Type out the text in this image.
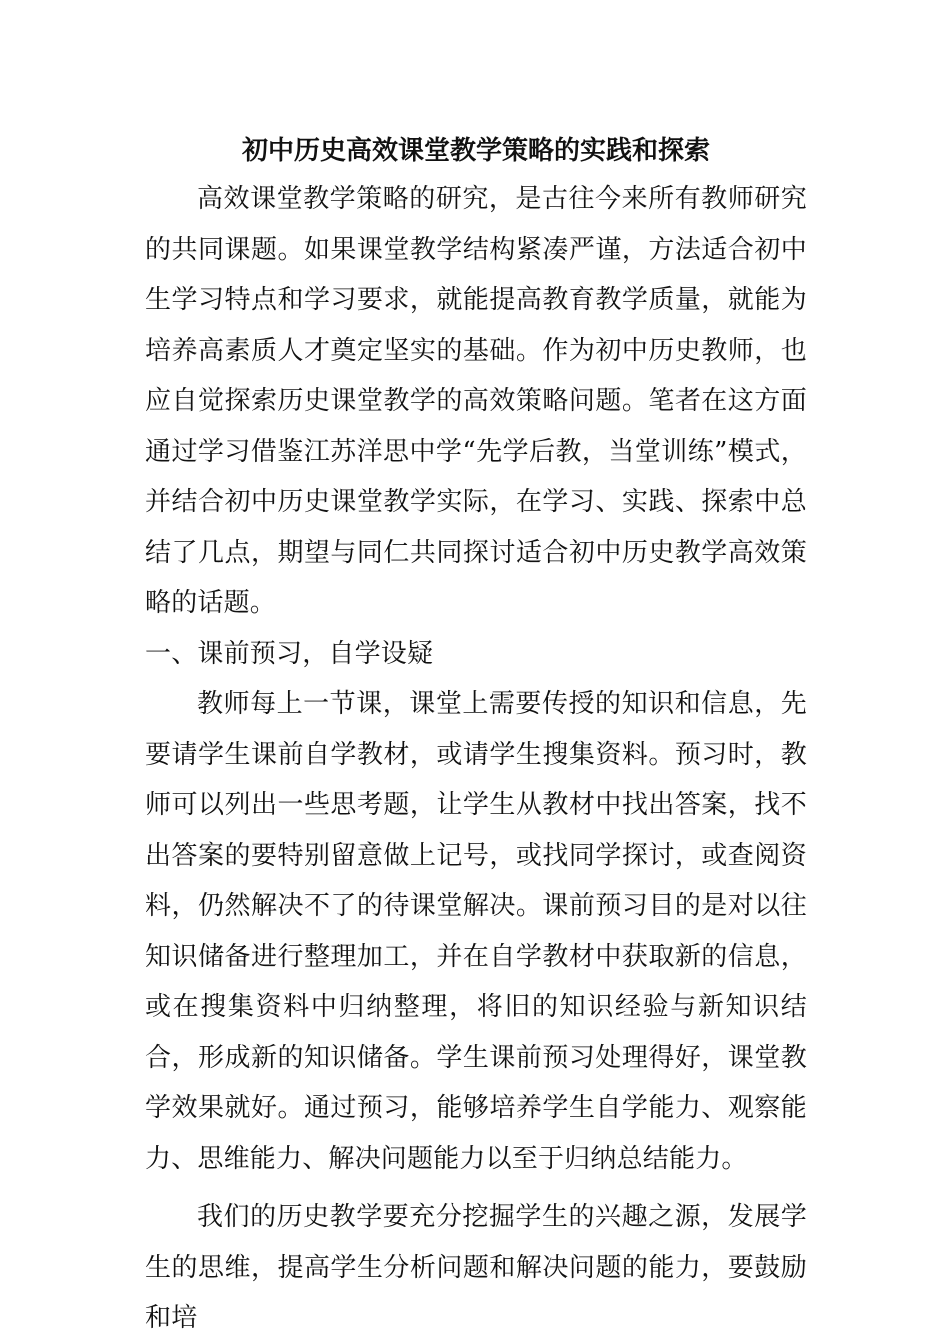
初中历史高效课堂教学策略的实践和探索

高效课堂教学策略的研究，是古往今来所有教师研究的共同课题。如果课堂教学结构紧凑严谨，方法适合初中生学习特点和学习要求，就能提高教育教学质量，就能为培养高素质人才奠定坚实的基础。作为初中历史教师，也应自觉探索历史课堂教学的高效策略问题。笔者在这方面通过学习借鉴江苏洋思中学“先学后教，当堂训练”模式，并结合初中历史课堂教学实际，在学习、实践、探索中总结了几点，期望与同仁共同探讨适合初中历史教学高效策略的话题。

一、课前预习，自学设疑

教师每上一节课，课堂上需要传授的知识和信息，先要请学生课前自学教材，或请学生搜集资料。预习时，教师可以列出一些思考题，让学生从教材中找出答案，找不出答案的要特别留意做上记号，或找同学探讨，或查阅资料，仍然解决不了的待课堂解决。课前预习目的是对以往知识储备进行整理加工，并在自学教材中获取新的信息，或在搜集资料中归纳整理，将旧的知识经验与新知识结合，形成新的知识储备。学生课前预习处理得好，课堂教学效果就好。通过预习，能够培养学生自学能力、观察能力、思维能力、解决问题能力以至于归纳总结能力。

我们的历史教学要充分挖掘学生的兴趣之源，发展学生的思维，提高学生分析问题和解决问题的能力，要鼓励和培
